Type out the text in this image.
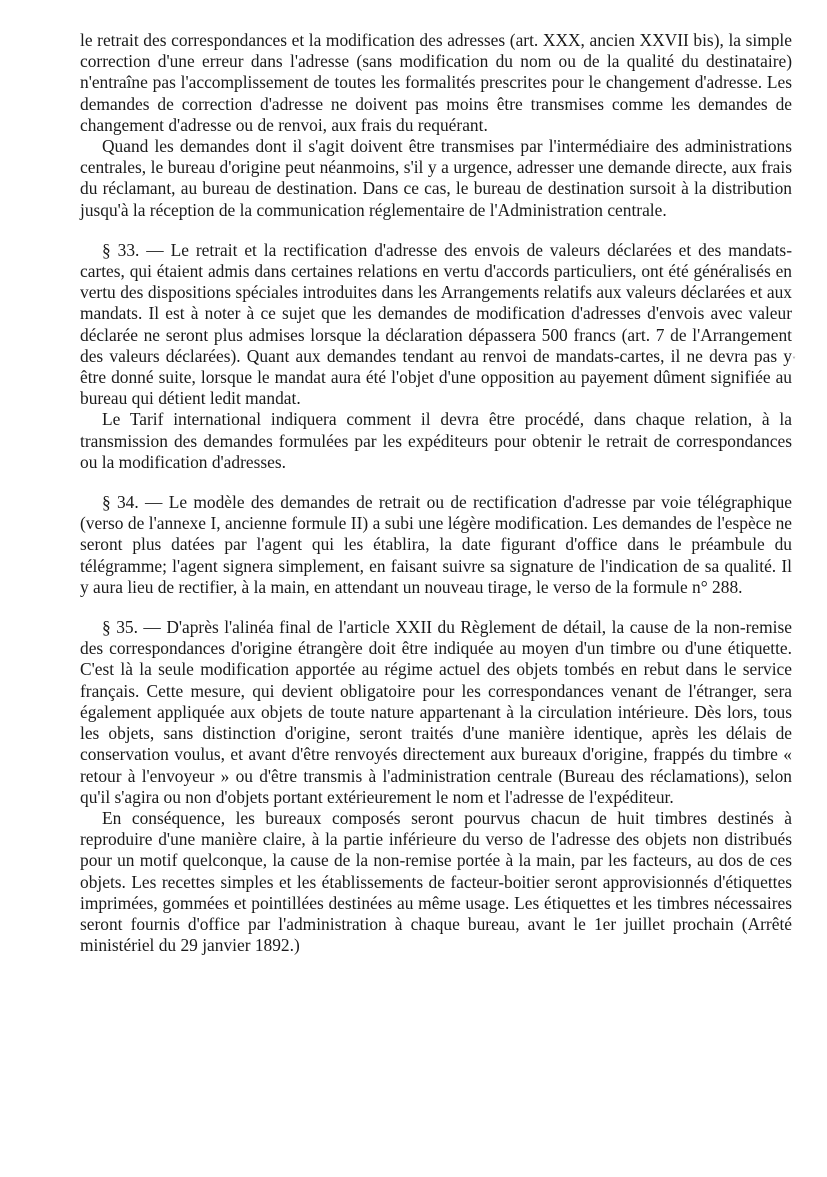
le retrait des correspondances et la modification des adresses (art. XXX, ancien XXVII bis), la simple correction d'une erreur dans l'adresse (sans modification du nom ou de la qualité du destinataire) n'entraîne pas l'accomplissement de toutes les formalités prescrites pour le changement d'adresse. Les demandes de correction d'adresse ne doivent pas moins être transmises comme les demandes de changement d'adresse ou de renvoi, aux frais du requérant.

Quand les demandes dont il s'agit doivent être transmises par l'intermédiaire des administrations centrales, le bureau d'origine peut néanmoins, s'il y a urgence, adresser une demande directe, aux frais du réclamant, au bureau de destination. Dans ce cas, le bureau de destination sursoit à la distribution jusqu'à la réception de la communication réglementaire de l'Administration centrale.

§ 33. — Le retrait et la rectification d'adresse des envois de valeurs déclarées et des mandats-cartes, qui étaient admis dans certaines relations en vertu d'accords particuliers, ont été généralisés en vertu des dispositions spéciales introduites dans les Arrangements relatifs aux valeurs déclarées et aux mandats. Il est à noter à ce sujet que les demandes de modification d'adresses d'envois avec valeur déclarée ne seront plus admises lorsque la déclaration dépassera 500 francs (art. 7 de l'Arrangement des valeurs déclarées). Quant aux demandes tendant au renvoi de mandats-cartes, il ne devra pas y être donné suite, lorsque le mandat aura été l'objet d'une opposition au payement dûment signifiée au bureau qui détient ledit mandat.

Le Tarif international indiquera comment il devra être procédé, dans chaque relation, à la transmission des demandes formulées par les expéditeurs pour obtenir le retrait de correspondances ou la modification d'adresses.

§ 34. — Le modèle des demandes de retrait ou de rectification d'adresse par voie télégraphique (verso de l'annexe I, ancienne formule II) a subi une légère modification. Les demandes de l'espèce ne seront plus datées par l'agent qui les établira, la date figurant d'office dans le préambule du télégramme; l'agent signera simplement, en faisant suivre sa signature de l'indication de sa qualité. Il y aura lieu de rectifier, à la main, en attendant un nouveau tirage, le verso de la formule n° 288.

§ 35. — D'après l'alinéa final de l'article XXII du Règlement de détail, la cause de la non-remise des correspondances d'origine étrangère doit être indiquée au moyen d'un timbre ou d'une étiquette. C'est là la seule modification apportée au régime actuel des objets tombés en rebut dans le service français. Cette mesure, qui devient obligatoire pour les correspondances venant de l'étranger, sera également appliquée aux objets de toute nature appartenant à la circulation intérieure. Dès lors, tous les objets, sans distinction d'origine, seront traités d'une manière identique, après les délais de conservation voulus, et avant d'être renvoyés directement aux bureaux d'origine, frappés du timbre « retour à l'envoyeur » ou d'être transmis à l'administration centrale (Bureau des réclamations), selon qu'il s'agira ou non d'objets portant extérieurement le nom et l'adresse de l'expéditeur.

En conséquence, les bureaux composés seront pourvus chacun de huit timbres destinés à reproduire d'une manière claire, à la partie inférieure du verso de l'adresse des objets non distribués pour un motif quelconque, la cause de la non-remise portée à la main, par les facteurs, au dos de ces objets. Les recettes simples et les établissements de facteur-boitier seront approvisionnés d'étiquettes imprimées, gommées et pointillées destinées au même usage. Les étiquettes et les timbres nécessaires seront fournis d'office par l'administration à chaque bureau, avant le 1er juillet prochain (Arrêté ministériel du 29 janvier 1892.)

˅
